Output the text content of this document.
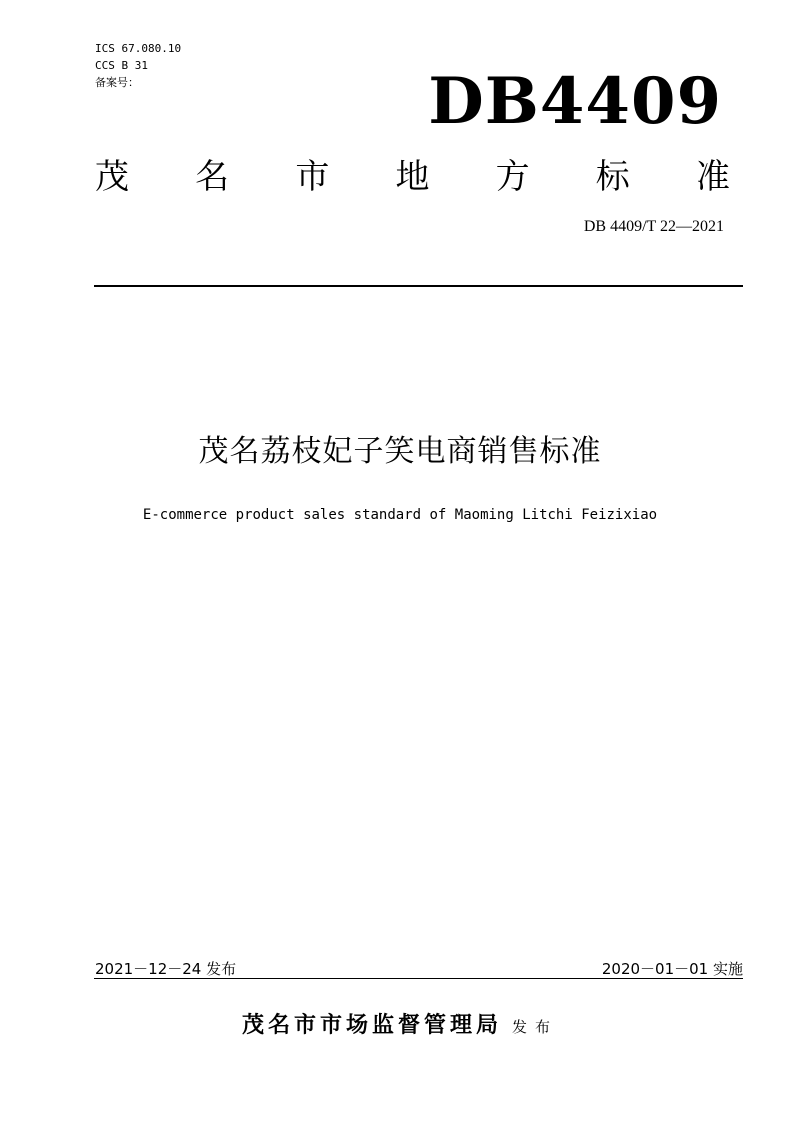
ICS 67.080.10
CCS B 31
备案号：	DB4409
茂 名 市 地 方 标 准
DB 4409/T 22—2021
茂名荔枝妃子笑电商销售标准
E-commerce product sales standard of Maoming Litchi Feizixiao
2021－12－24 发布	2020－01－01 实施
茂名市市场监督管理局 发布
